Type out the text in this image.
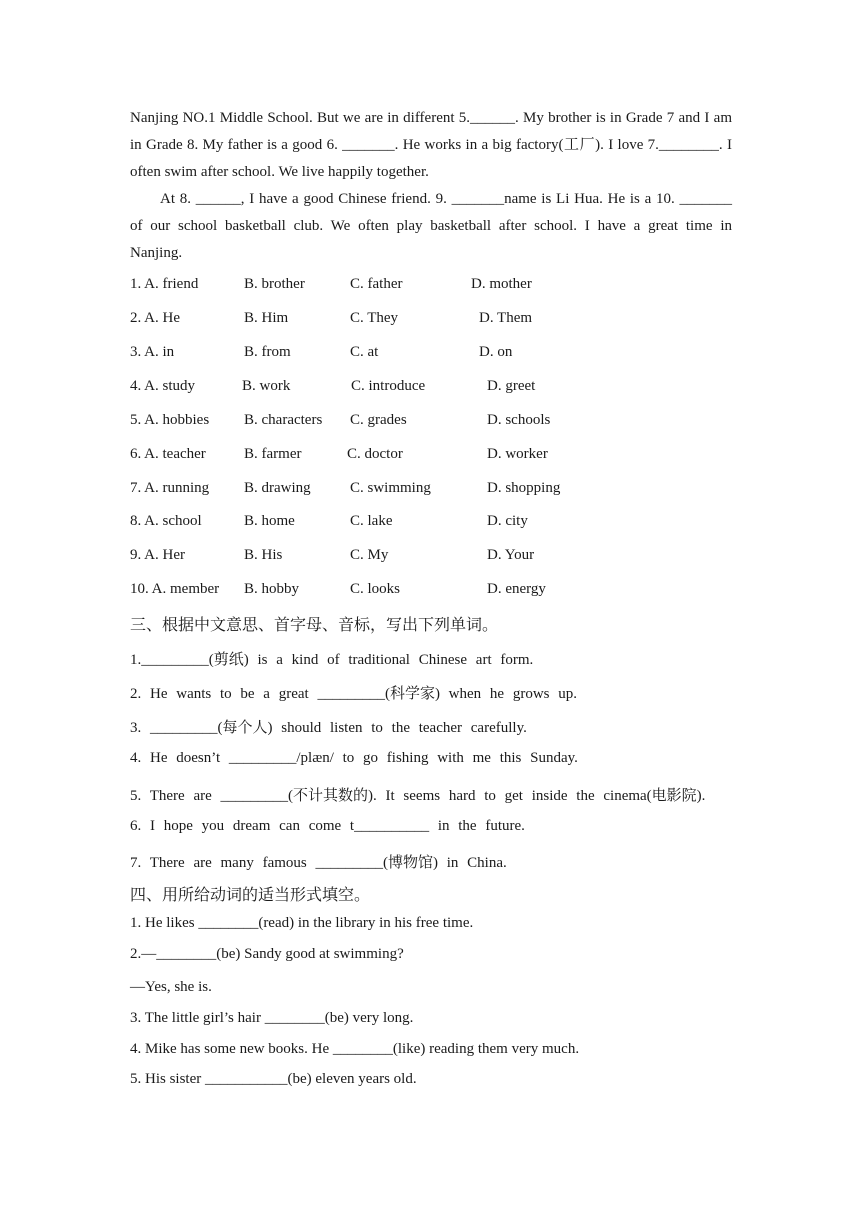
Nanjing NO.1 Middle School. But we are in different 5.______. My brother is in Grade 7 and I am
in Grade 8. My father is a good 6. _______. He works in a big factory(工厂). I love 7.________. I
often swim after school. We live happily together.
At 8. ______, I have a good Chinese friend. 9. _______name is Li Hua. He is a 10. _______
of our school basketball club. We often play basketball after school. I have a great time in
Nanjing.
1. A. friend	B. brother	C. father	D. mother
2. A. He	B. Him	C. They	D. Them
3. A. in	B. from	C. at	D. on
4. A. study	B. work	C. introduce	D. greet
5. A. hobbies B. characters C. grades	D. schools
6. A. teacher	B. farmer	C. doctor	D. worker
7. A. running B. drawing	C. swimming	D. shopping
8. A. school	B. home	C. lake	D. city
9. A. Her	B. His	C. My	D. Your
10. A. member B. hobby	C. looks	D. energy
三、根据中文意思、首字母、音标，写出下列单词。
1._________(剪纸) is a kind of traditional Chinese art form.
2. He wants to be a great _________(科学家) when he grows up.
3. _________(每个人) should listen to the teacher carefully.
4. He doesn’t _________/plæn/ to go fishing with me this Sunday.
5. There are _________(不计其数的). It seems hard to get inside the cinema(电影院).
6. I hope you dream can come t__________ in the future.
7. There are many famous _________(博物馆) in China.
四、用所给动词的适当形式填空。
1. He likes ________(read) in the library in his free time.
2.—________(be) Sandy good at swimming?
—Yes, she is.
3. The little girl’s hair ________(be) very long.
4. Mike has some new books. He ________(like) reading them very much.
5. His sister ___________(be) eleven years old.
